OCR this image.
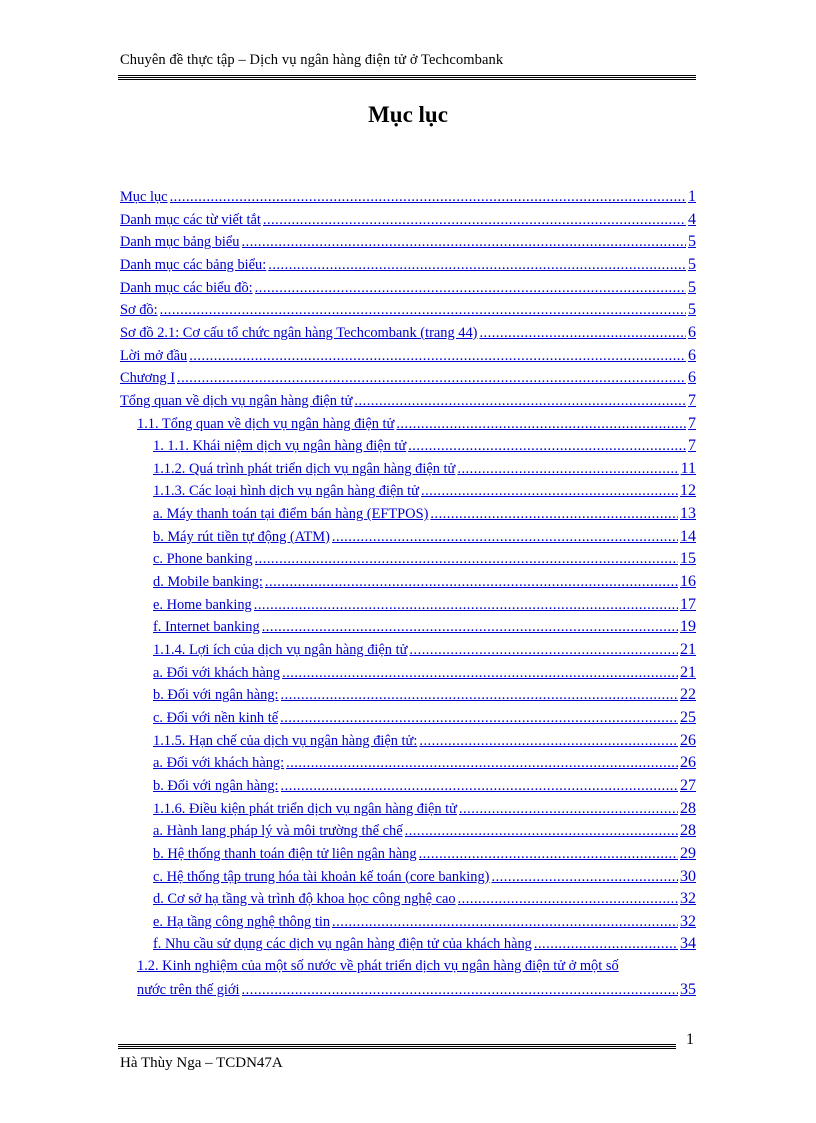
Chuyên đề thực tập – Dịch vụ ngân hàng điện tử ở Techcombank
Mục lục
Mục lục .....	1
Danh mục các từ viết tắt .....	4
Danh mục bảng biểu .....	5
Danh mục các bảng biểu: .....	5
Danh mục các biểu đồ: .....	5
Sơ đồ: .....	5
Sơ đồ 2.1: Cơ cấu tổ chức ngân hàng Techcombank (trang 44) .....	6
Lời mở đầu .....	6
Chương I .....	6
Tổng quan về dịch vụ ngân hàng điện tử .....	7
1.1. Tổng quan về dịch vụ ngân hàng điện tử .....	7
1. 1.1. Khái niệm dịch vụ ngân hàng điện tử .....	7
1.1.2. Quá trình phát triển dịch vụ ngân hàng điện tử .....	11
1.1.3. Các loại hình dịch vụ ngân hàng điện tử .....	12
a. Máy thanh toán tại điểm bán hàng (EFTPOS) .....	13
b. Máy rút tiền tự động (ATM) .....	14
c. Phone banking .....	15
d. Mobile banking: .....	16
e. Home banking .....	17
f. Internet banking .....	19
1.1.4. Lợi ích của dịch vụ ngân hàng điện tử .....	21
a. Đối với khách hàng .....	21
b. Đối với ngân hàng: .....	22
c. Đối với nền kinh tế .....	25
1.1.5. Hạn chế của dịch vụ ngân hàng điện tử: .....	26
a. Đối với khách hàng: .....	26
b. Đối với ngân hàng: .....	27
1.1.6. Điều kiện phát triển dịch vụ ngân hàng điện tử .....	28
a. Hành lang pháp lý và môi trường thể chế .....	28
b. Hệ thống thanh toán điện tử liên ngân hàng .....	29
c. Hệ thống tập trung hóa tài khoản kế toán (core banking) .....	30
d. Cơ sở hạ tầng và trình độ khoa học công nghệ cao .....	32
e. Hạ tầng công nghệ thông tin .....	32
f. Nhu cầu sử dụng các dịch vụ ngân hàng điện tử của khách hàng .....	34
1.2. Kinh nghiệm của một số nước về phát triển dịch vụ ngân hàng điện tử ở một số
nước trên thế giới .....	35
1
Hà Thùy Nga – TCDN47A
